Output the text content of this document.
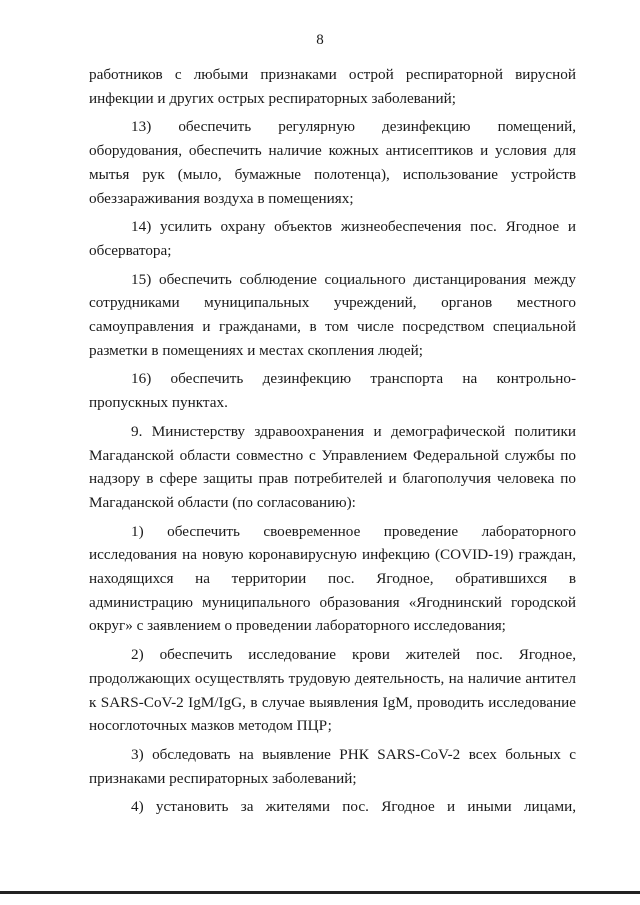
8

работников с любыми признаками острой респираторной вирусной инфекции и других острых респираторных заболеваний;

13) обеспечить регулярную дезинфекцию помещений, оборудования, обеспечить наличие кожных антисептиков и условия для мытья рук (мыло, бумажные полотенца), использование устройств обеззараживания воздуха в помещениях;

14) усилить охрану объектов жизнеобеспечения пос. Ягодное и обсерватора;

15) обеспечить соблюдение социального дистанцирования между сотрудниками муниципальных учреждений, органов местного самоуправления и гражданами, в том числе посредством специальной разметки в помещениях и местах скопления людей;

16) обеспечить дезинфекцию транспорта на контрольно-пропускных пунктах.

9. Министерству здравоохранения и демографической политики Магаданской области совместно с Управлением Федеральной службы по надзору в сфере защиты прав потребителей и благополучия человека по Магаданской области (по согласованию):

1) обеспечить своевременное проведение лабораторного исследования на новую коронавирусную инфекцию (COVID-19) граждан, находящихся на территории пос. Ягодное, обратившихся в администрацию муниципального образования «Ягоднинский городской округ» с заявлением о проведении лабораторного исследования;

2) обеспечить исследование крови жителей пос. Ягодное, продолжающих осуществлять трудовую деятельность, на наличие антител к SARS-CoV-2 IgM/IgG, в случае выявления IgM, проводить исследование носоглоточных мазков методом ПЦР;

3) обследовать на выявление РНК SARS-CoV-2 всех больных с признаками респираторных заболеваний;

4) установить за жителями пос. Ягодное и иными лицами,
